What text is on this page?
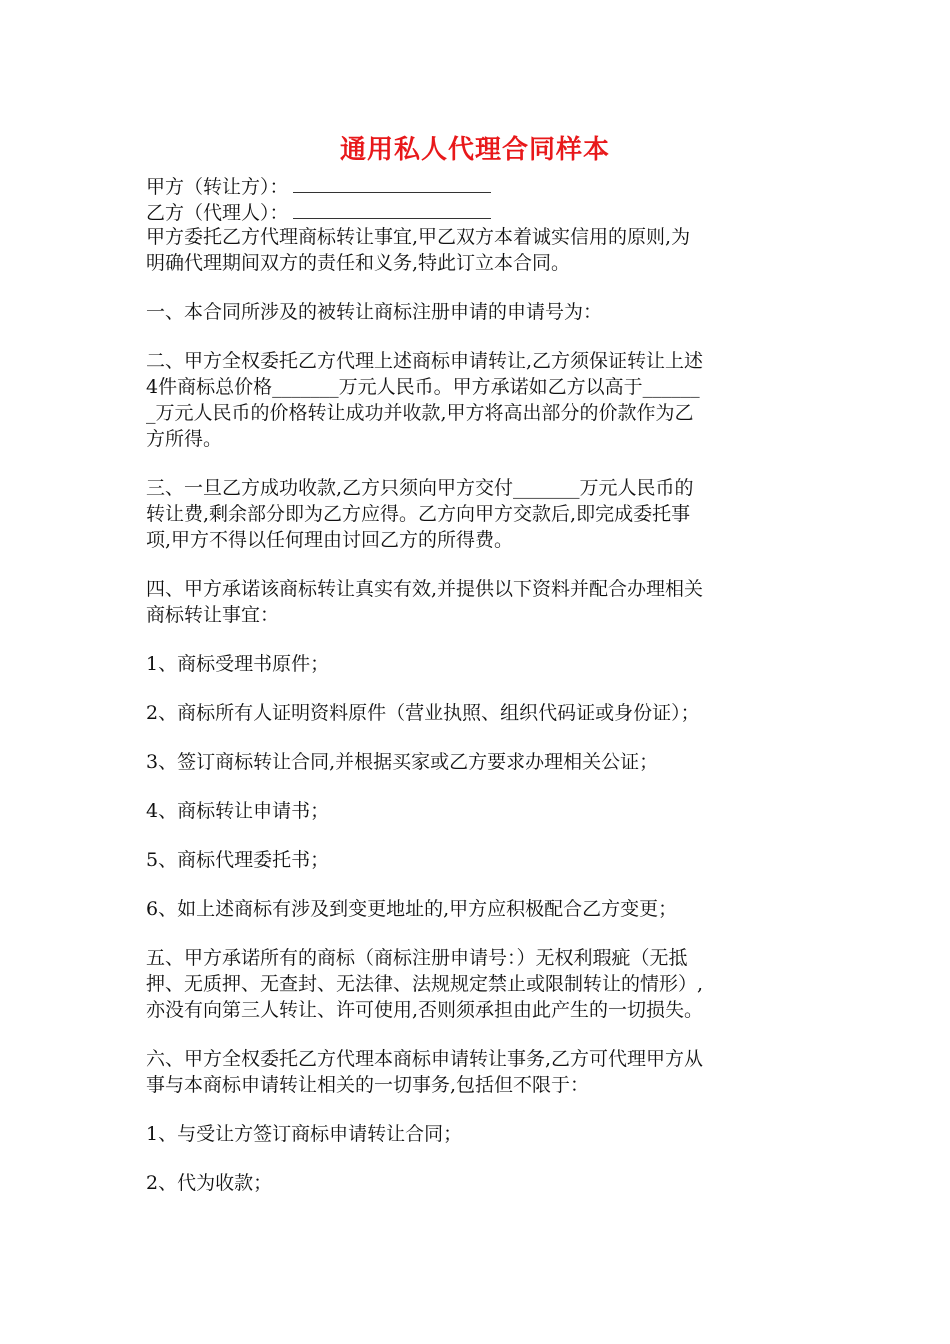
通用私人代理合同样本
甲方（转让方）：
乙方（代理人）：
甲方委托乙方代理商标转让事宜,甲乙双方本着诚实信用的原则,为
明确代理期间双方的责任和义务,特此订立本合同。
一、本合同所涉及的被转让商标注册申请的申请号为：
二、甲方全权委托乙方代理上述商标申请转让,乙方须保证转让上述
4件商标总价格_______万元人民币。甲方承诺如乙方以高于______
_万元人民币的价格转让成功并收款,甲方将高出部分的价款作为乙
方所得。
三、一旦乙方成功收款,乙方只须向甲方交付_______万元人民币的
转让费,剩余部分即为乙方应得。乙方向甲方交款后,即完成委托事
项,甲方不得以任何理由讨回乙方的所得费。
四、甲方承诺该商标转让真实有效,并提供以下资料并配合办理相关
商标转让事宜：
1、商标受理书原件；
2、商标所有人证明资料原件（营业执照、组织代码证或身份证）；
3、签订商标转让合同,并根据买家或乙方要求办理相关公证；
4、商标转让申请书；
5、商标代理委托书；
6、如上述商标有涉及到变更地址的,甲方应积极配合乙方变更；
五、甲方承诺所有的商标（商标注册申请号：）无权利瑕疵（无抵
押、无质押、无查封、无法律、法规规定禁止或限制转让的情形）,
亦没有向第三人转让、许可使用,否则须承担由此产生的一切损失。
六、甲方全权委托乙方代理本商标申请转让事务,乙方可代理甲方从
事与本商标申请转让相关的一切事务,包括但不限于：
1、与受让方签订商标申请转让合同；
2、代为收款；
